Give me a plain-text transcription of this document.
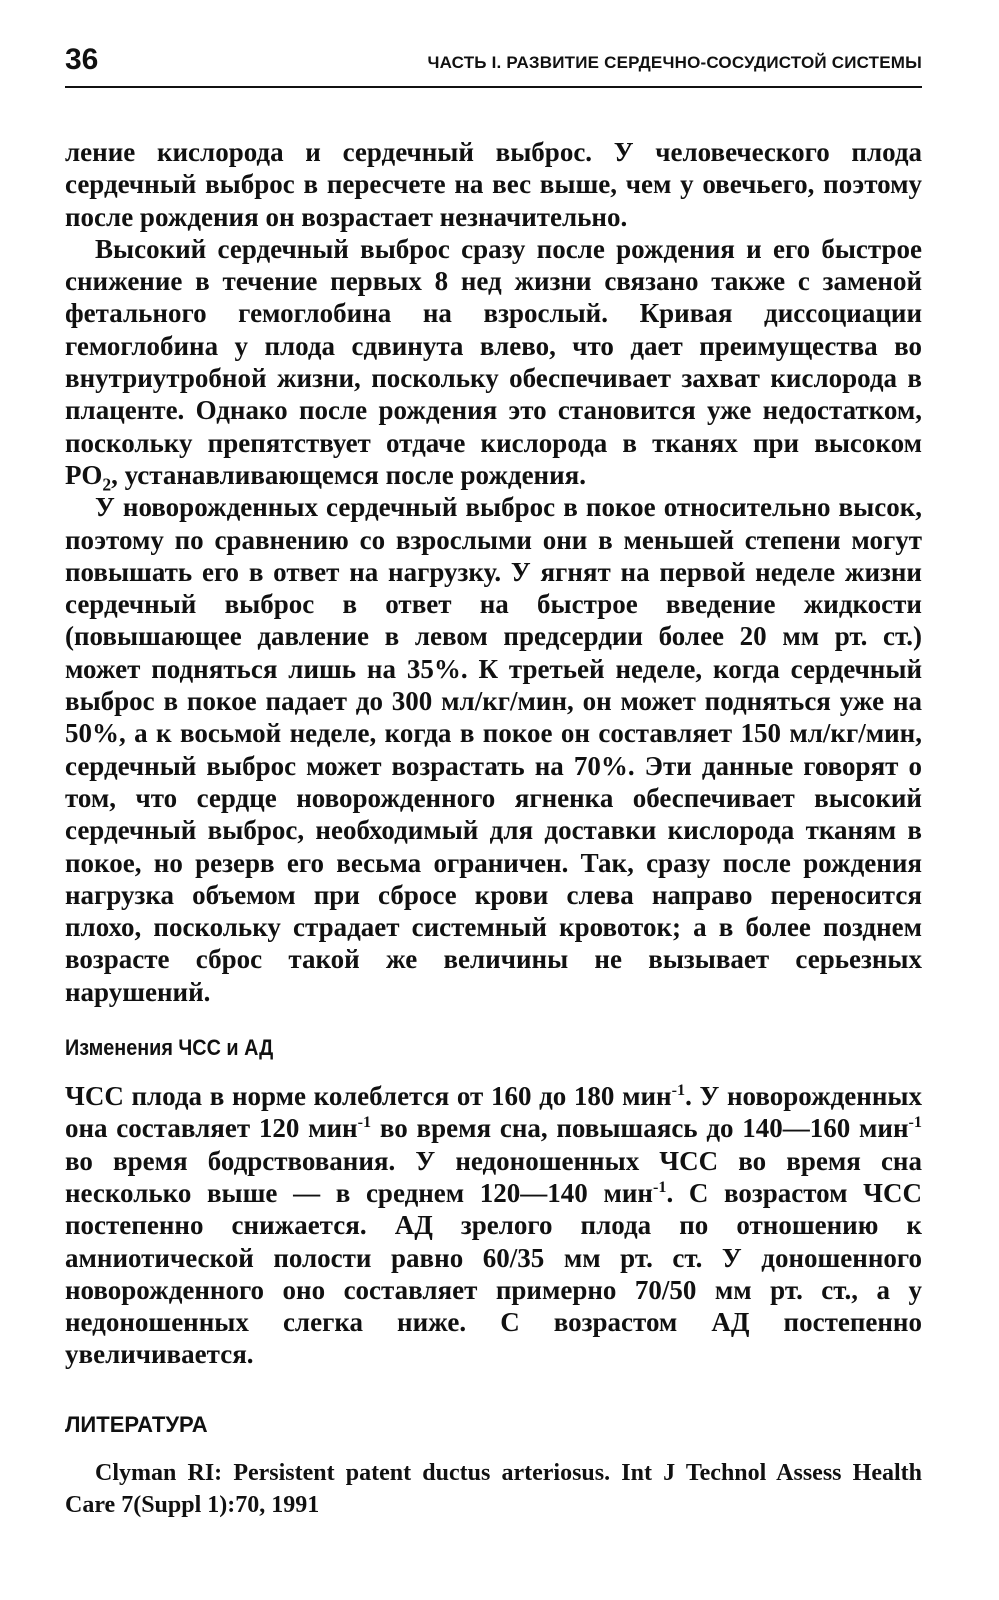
36	ЧАСТЬ I. РАЗВИТИЕ СЕРДЕЧНО-СОСУДИСТОЙ СИСТЕМЫ

ление кислорода и сердечный выброс. У человеческого плода сердечный выброс в пересчете на вес выше, чем у овечьего, поэтому после рождения он возрастает незначительно.

Высокий сердечный выброс сразу после рождения и его быстрое снижение в течение первых 8 нед жизни связано также с заменой фетального гемоглобина на взрослый. Кривая диссоциации гемоглобина у плода сдвинута влево, что дает преимущества во внутриутробной жизни, поскольку обеспечивает захват кислорода в плаценте. Однако после рождения это становится уже недостатком, поскольку препятствует отдаче кислорода в тканях при высоком $РО_2$, устанавливающемся после рождения.

У новорожденных сердечный выброс в покое относительно высок, поэтому по сравнению со взрослыми они в меньшей степени могут повышать его в ответ на нагрузку. У ягнят на первой неделе жизни сердечный выброс в ответ на быстрое введение жидкости (повышающее давление в левом предсердии более 20 мм рт. ст.) может подняться лишь на 35%. К третьей неделе, когда сердечный выброс в покое падает до 300 мл/кг/мин, он может подняться уже на 50%, а к восьмой неделе, когда в покое он составляет 150 мл/кг/мин, сердечный выброс может возрастать на 70%. Эти данные говорят о том, что сердце новорожденного ягненка обеспечивает высокий сердечный выброс, необходимый для доставки кислорода тканям в покое, но резерв его весьма ограничен. Так, сразу после рождения нагрузка объемом при сбросе крови слева направо переносится плохо, поскольку страдает системный кровоток; а в более позднем возрасте сброс такой же величины не вызывает серьезных нарушений.

Изменения ЧСС и АД

ЧСС плода в норме колеблется от 160 до 180 мин$^{-1}$. У новорожденных она составляет 120 мин$^{-1}$ во время сна, повышаясь до 140—160 мин$^{-1}$ во время бодрствования. У недоношенных ЧСС во время сна несколько выше — в среднем 120—140 мин$^{-1}$. С возрастом ЧСС постепенно снижается. АД зрелого плода по отношению к амниотической полости равно 60/35 мм рт. ст. У доношенного новорожденного оно составляет примерно 70/50 мм рт. ст., а у недоношенных слегка ниже. С возрастом АД постепенно увеличивается.

ЛИТЕРАТУРА
Clyman RI: Persistent patent ductus arteriosus. Int J Technol Assess Health Care 7(Suppl 1):70, 1991
